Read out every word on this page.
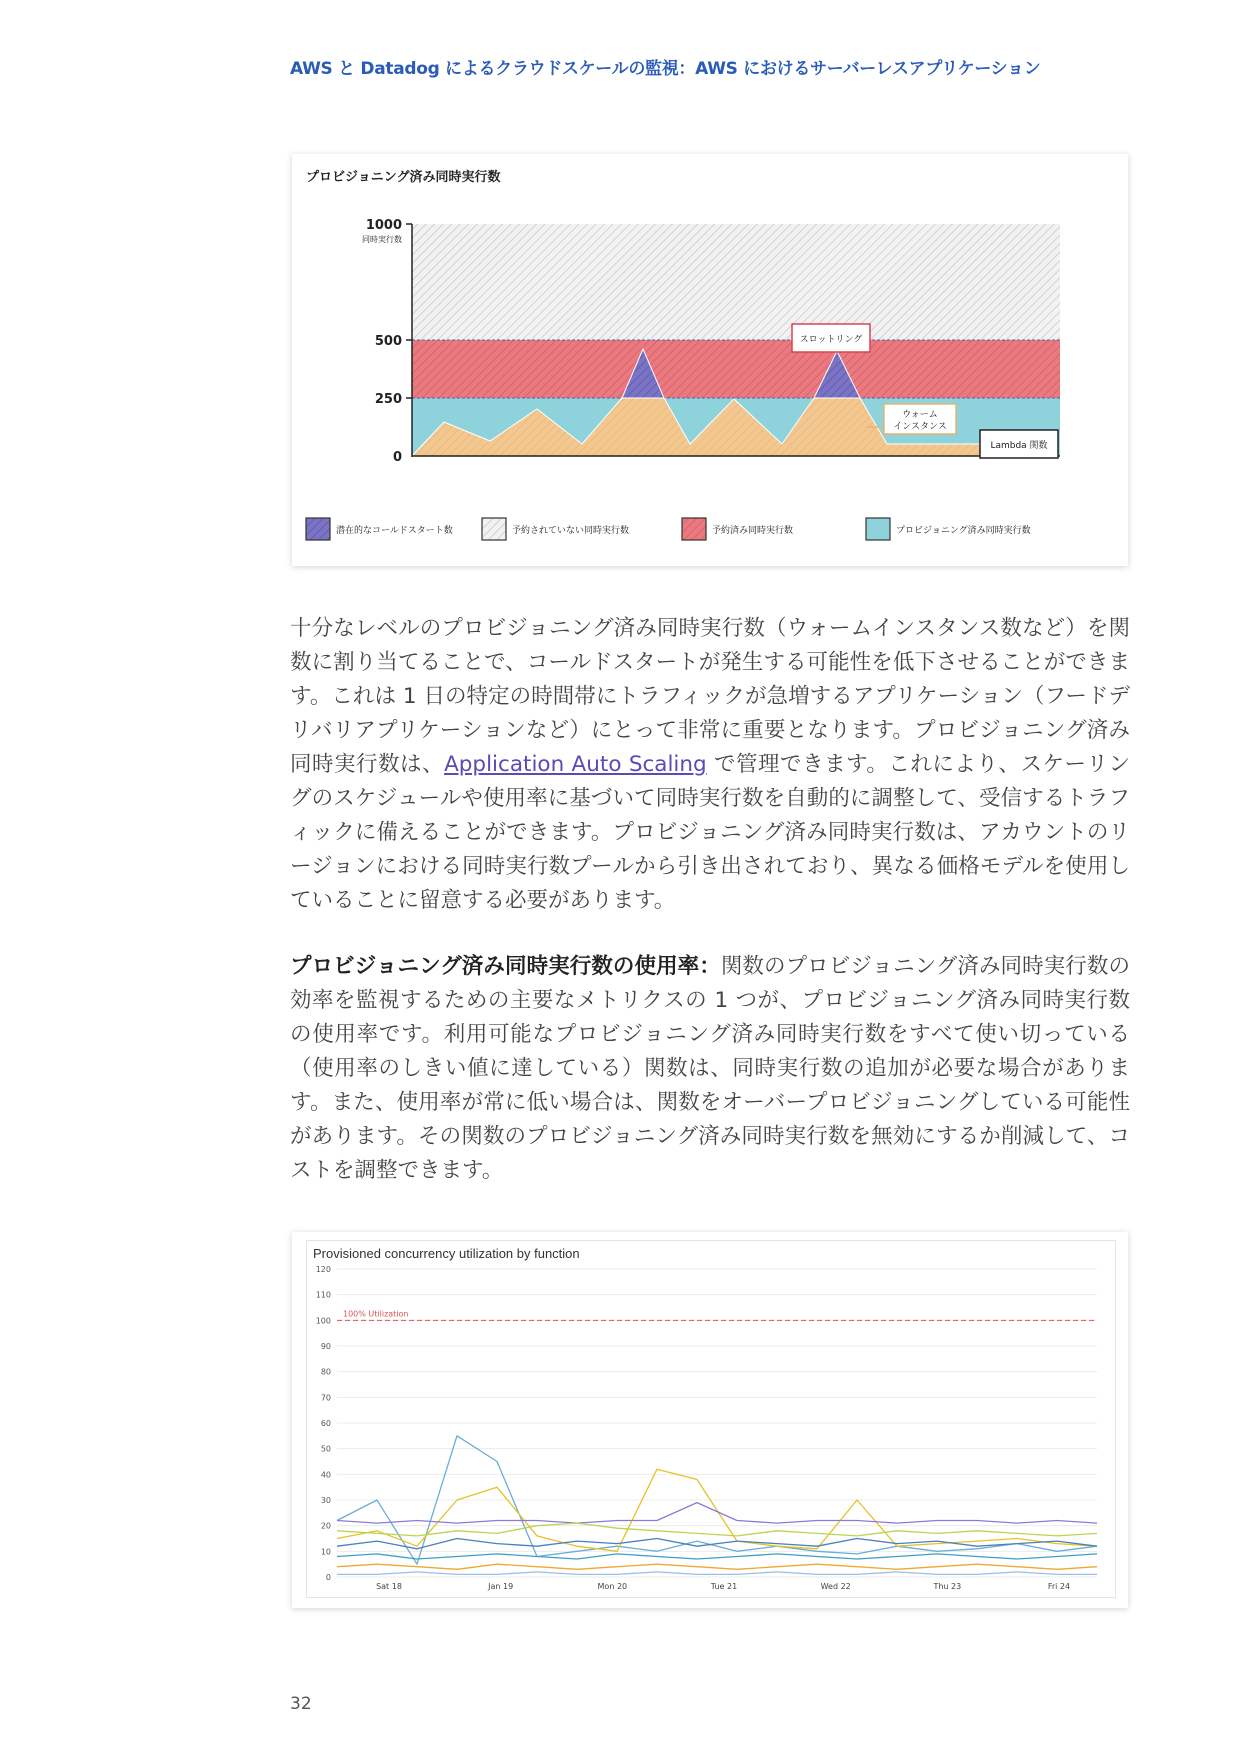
AWS と Datadog によるクラウドスケールの監視：AWS におけるサーバーレスアプリケーション
プロビジョニング済み同時実行数
1000
同時実行数
500
250
0
スロットリング
ウォーム
インスタンス
Lambda 関数
潜在的なコールドスタート数	予約されていない同時実行数	予約済み同時実行数	プロビジョニング済み同時実行数
十分なレベルのプロビジョニング済み同時実行数（ウォームインスタンス数など）を関数に割り当てることで、コールドスタートが発生する可能性を低下させることができます。これは 1 日の特定の時間帯にトラフィックが急増するアプリケーション（フードデリバリアプリケーションなど）にとって非常に重要となります。プロビジョニング済み同時実行数は、Application Auto Scaling で管理できます。これにより、スケーリングのスケジュールや使用率に基づいて同時実行数を自動的に調整して、受信するトラフィックに備えることができます。プロビジョニング済み同時実行数は、アカウントのリージョンにおける同時実行数プールから引き出されており、異なる価格モデルを使用していることに留意する必要があります。
プロビジョニング済み同時実行数の使用率：関数のプロビジョニング済み同時実行数の効率を監視するための主要なメトリクスの 1 つが、プロビジョニング済み同時実行数の使用率です。利用可能なプロビジョニング済み同時実行数をすべて使い切っている（使用率のしきい値に達している）関数は、同時実行数の追加が必要な場合があります。また、使用率が常に低い場合は、関数をオーバープロビジョニングしている可能性があります。その関数のプロビジョニング済み同時実行数を無効にするか削減して、コストを調整できます。
Provisioned concurrency utilization by function
120
110
100
90
80
70
60
50
40
30
20
10
0
100% Utilization
Sat 18	Jan 19	Mon 20	Tue 21	Wed 22	Thu 23	Fri 24
32
